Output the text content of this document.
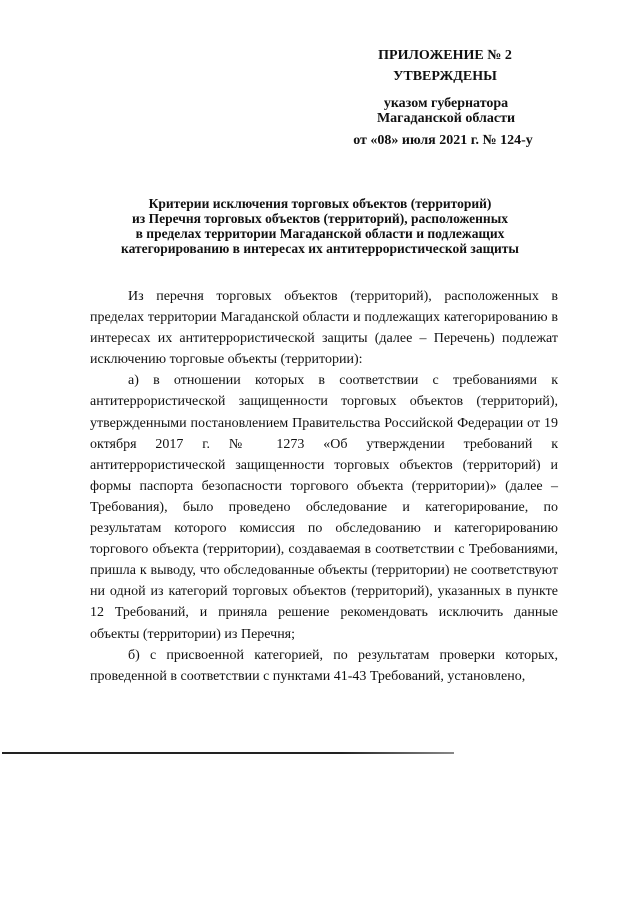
ПРИЛОЖЕНИЕ № 2
УТВЕРЖДЕНЫ
указом губернатора
Магаданской области
от «08» июля 2021 г. № 124-у
Критерии исключения торговых объектов (территорий)
из Перечня торговых объектов (территорий), расположенных
в пределах территории Магаданской области и подлежащих
категорированию в интересах их антитеррористической защиты

Из перечня торговых объектов (территорий), расположенных в пределах территории Магаданской области и подлежащих категорированию в интересах их антитеррористической защиты (далее – Перечень) подлежат исключению торговые объекты (территории):

а) в отношении которых в соответствии с требованиями к антитеррористической защищенности торговых объектов (территорий), утвержденными постановлением Правительства Российской Федерации от 19 октября 2017 г. № 1273 «Об утверждении требований к антитеррористической защищенности торговых объектов (территорий) и формы паспорта безопасности торгового объекта (территории)» (далее – Требования), было проведено обследование и категорирование, по результатам которого комиссия по обследованию и категорированию торгового объекта (территории), создаваемая в соответствии с Требованиями, пришла к выводу, что обследованные объекты (территории) не соответствуют ни одной из категорий торговых объектов (территорий), указанных в пункте 12 Требований, и приняла решение рекомендовать исключить данные объекты (территории) из Перечня;

б) с присвоенной категорией, по результатам проверки которых, проведенной в соответствии с пунктами 41-43 Требований, установлено,
